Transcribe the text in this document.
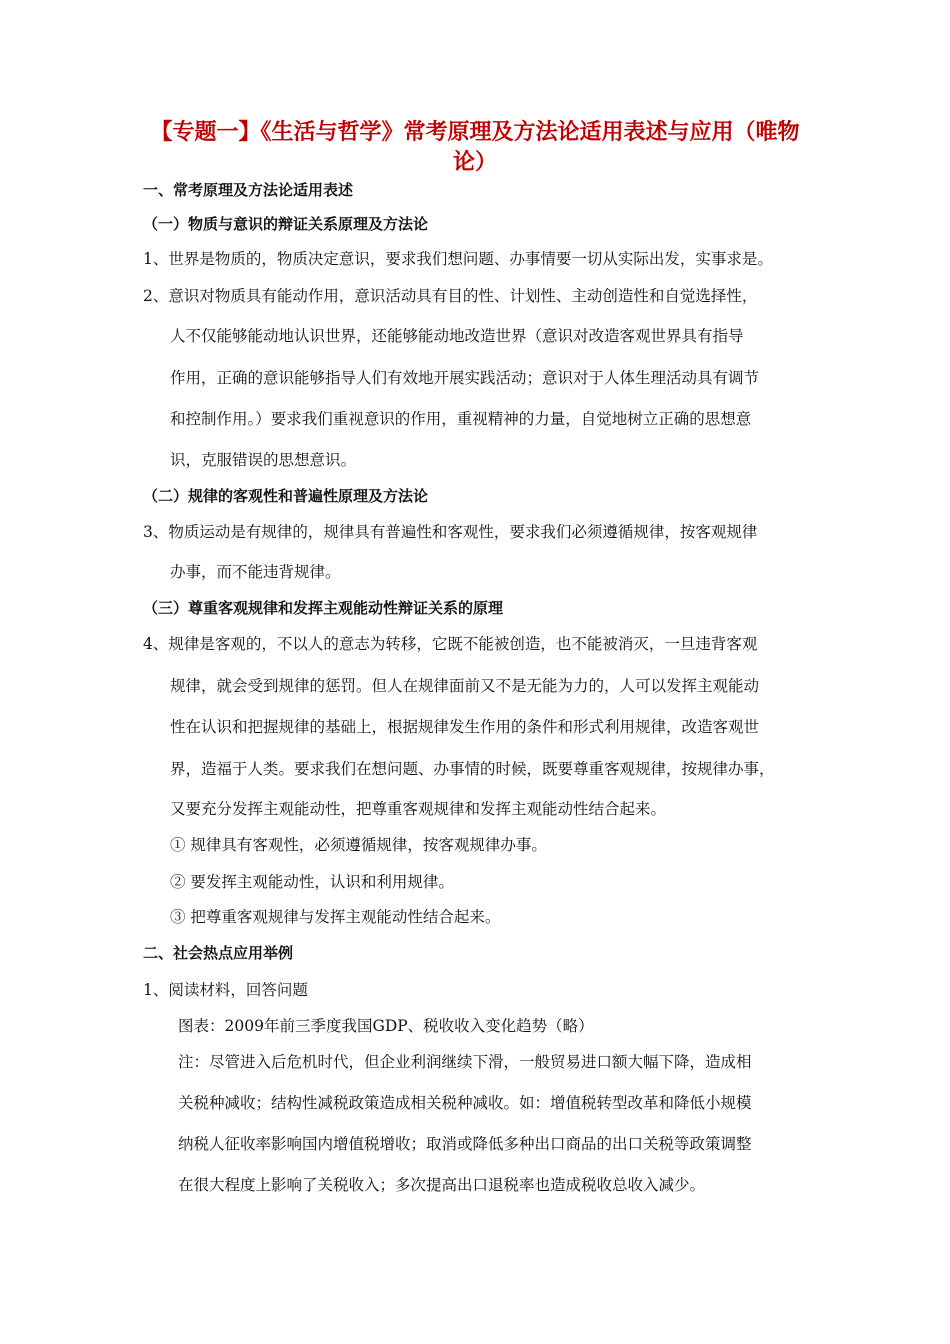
【专题一】《生活与哲学》常考原理及方法论适用表述与应用（唯物论）
一、常考原理及方法论适用表述
（一）物质与意识的辩证关系原理及方法论
1、世界是物质的，物质决定意识，要求我们想问题、办事情要一切从实际出发，实事求是。
2、意识对物质具有能动作用，意识活动具有目的性、计划性、主动创造性和自觉选择性，
人不仅能够能动地认识世界，还能够能动地改造世界（意识对改造客观世界具有指导
作用，正确的意识能够指导人们有效地开展实践活动；意识对于人体生理活动具有调节
和控制作用。）要求我们重视意识的作用，重视精神的力量，自觉地树立正确的思想意
识，克服错误的思想意识。
（二）规律的客观性和普遍性原理及方法论
3、物质运动是有规律的，规律具有普遍性和客观性，要求我们必须遵循规律，按客观规律
办事，而不能违背规律。
（三）尊重客观规律和发挥主观能动性辩证关系的原理
4、规律是客观的，不以人的意志为转移，它既不能被创造，也不能被消灭，一旦违背客观
规律，就会受到规律的惩罚。但人在规律面前又不是无能为力的，人可以发挥主观能动
性在认识和把握规律的基础上，根据规律发生作用的条件和形式利用规律，改造客观世
界，造福于人类。要求我们在想问题、办事情的时候，既要尊重客观规律，按规律办事，
又要充分发挥主观能动性，把尊重客观规律和发挥主观能动性结合起来。
① 规律具有客观性，必须遵循规律，按客观规律办事。
② 要发挥主观能动性，认识和利用规律。
③ 把尊重客观规律与发挥主观能动性结合起来。
二、社会热点应用举例
1、阅读材料，回答问题
图表：2009年前三季度我国GDP、税收收入变化趋势（略）
注：尽管进入后危机时代，但企业利润继续下滑，一般贸易进口额大幅下降，造成相
关税种减收；结构性减税政策造成相关税种减收。如：增值税转型改革和降低小规模
纳税人征收率影响国内增值税增收；取消或降低多种出口商品的出口关税等政策调整
在很大程度上影响了关税收入；多次提高出口退税率也造成税收总收入减少。
